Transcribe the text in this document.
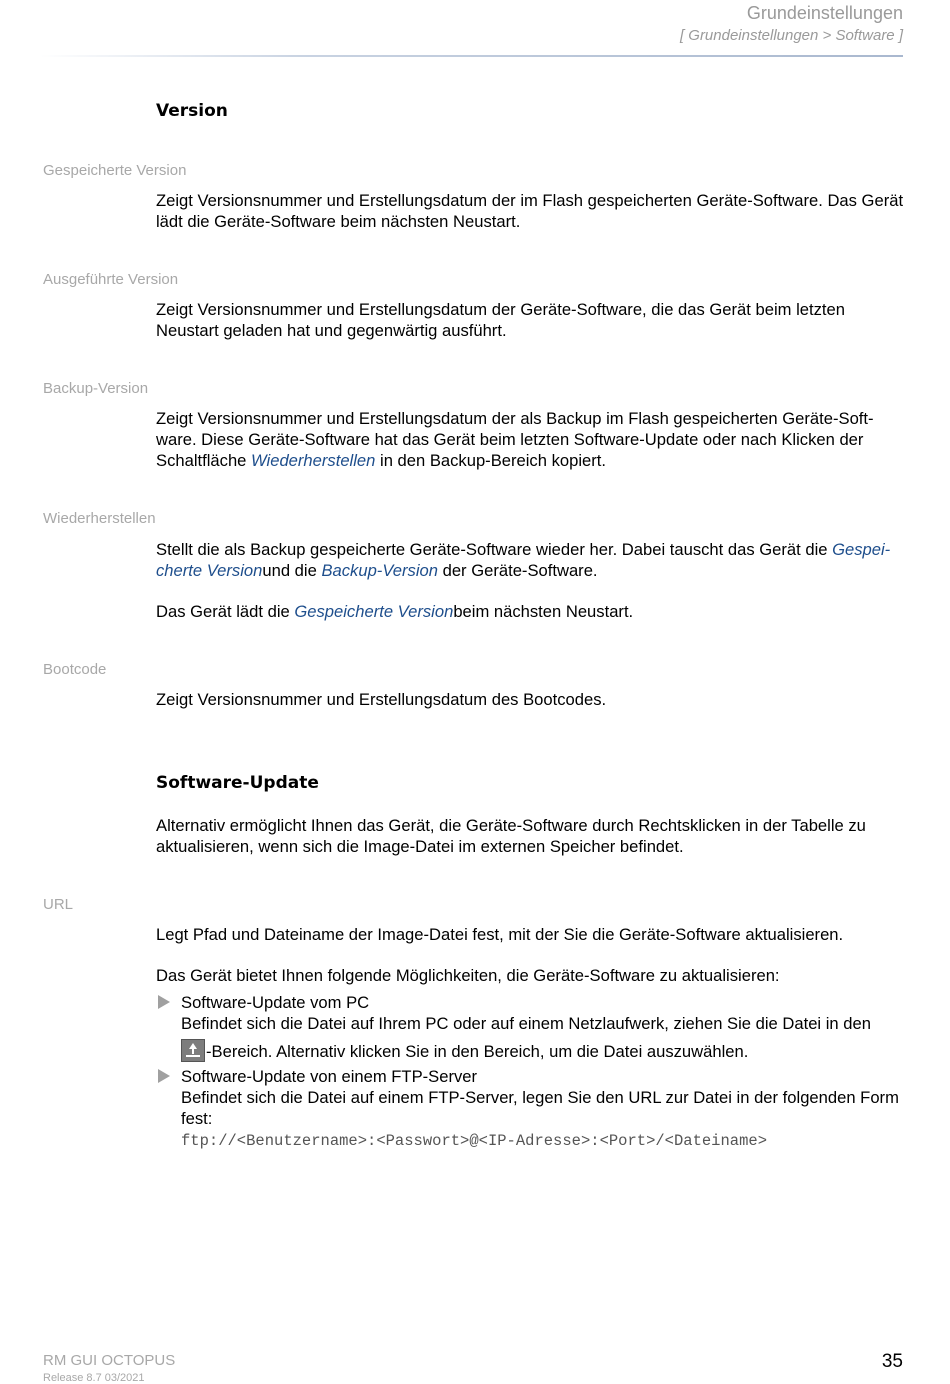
Grundeinstellungen
[ Grundeinstellungen > Software ]
Version
Gespeicherte Version
Zeigt Versionsnummer und Erstellungsdatum der im Flash gespeicherten Geräte-Software. Das Gerät lädt die Geräte-Software beim nächsten Neustart.
Ausgeführte Version
Zeigt Versionsnummer und Erstellungsdatum der Geräte-Software, die das Gerät beim letzten Neustart geladen hat und gegenwärtig ausführt.
Backup-Version
Zeigt Versionsnummer und Erstellungsdatum der als Backup im Flash gespeicherten Geräte-Soft-ware. Diese Geräte-Software hat das Gerät beim letzten Software-Update oder nach Klicken der Schaltfläche Wiederherstellen in den Backup-Bereich kopiert.
Wiederherstellen
Stellt die als Backup gespeicherte Geräte-Software wieder her. Dabei tauscht das Gerät die Gespei-cherte Versionund die Backup-Version der Geräte-Software.
Das Gerät lädt die Gespeicherte Versionbeim nächsten Neustart.
Bootcode
Zeigt Versionsnummer und Erstellungsdatum des Bootcodes.
Software-Update
Alternativ ermöglicht Ihnen das Gerät, die Geräte-Software durch Rechtsklicken in der Tabelle zu aktualisieren, wenn sich die Image-Datei im externen Speicher befindet.
URL
Legt Pfad und Dateiname der Image-Datei fest, mit der Sie die Geräte-Software aktualisieren.
Das Gerät bietet Ihnen folgende Möglichkeiten, die Geräte-Software zu aktualisieren:
Software-Update vom PC
Befindet sich die Datei auf Ihrem PC oder auf einem Netzlaufwerk, ziehen Sie die Datei in den
-Bereich. Alternativ klicken Sie in den Bereich, um die Datei auszuwählen.
Software-Update von einem FTP-Server
Befindet sich die Datei auf einem FTP-Server, legen Sie den URL zur Datei in der folgenden Form fest:
ftp://<Benutzername>:<Passwort>@<IP-Adresse>:<Port>/<Dateiname>
RM GUI OCTOPUS
Release 8.7 03/2021
35
